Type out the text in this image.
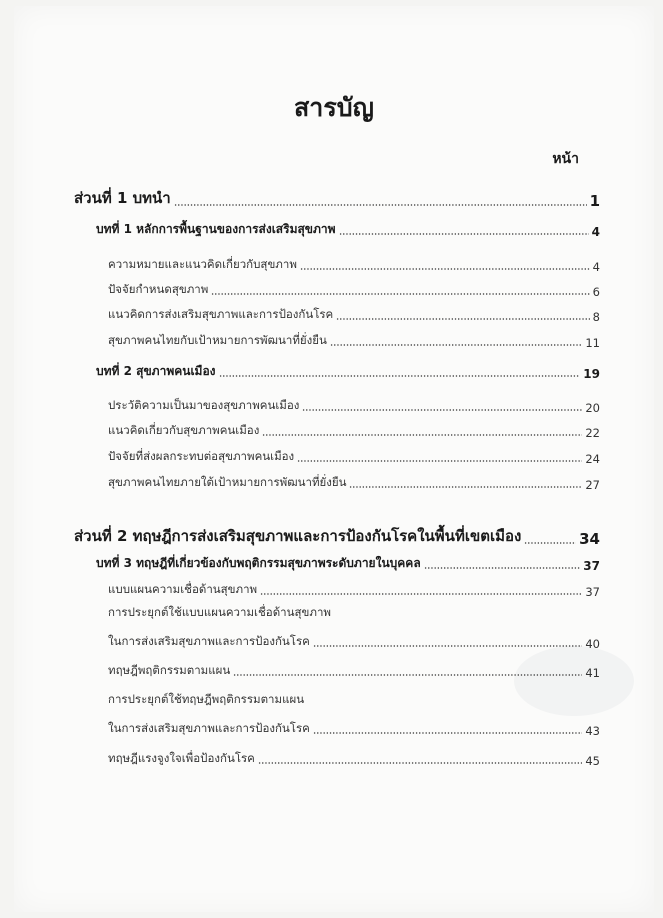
สารบัญ
หน้า
ส่วนที่ 1 บทนำ	1
บทที่ 1 หลักการพื้นฐานของการส่งเสริมสุขภาพ	4
ความหมายและแนวคิดเกี่ยวกับสุขภาพ	4
ปัจจัยกำหนดสุขภาพ	6
แนวคิดการส่งเสริมสุขภาพและการป้องกันโรค	8
สุขภาพคนไทยกับเป้าหมายการพัฒนาที่ยั่งยืน	11
บทที่ 2 สุขภาพคนเมือง	19
ประวัติความเป็นมาของสุขภาพคนเมือง	20
แนวคิดเกี่ยวกับสุขภาพคนเมือง	22
ปัจจัยที่ส่งผลกระทบต่อสุขภาพคนเมือง	24
สุขภาพคนไทยภายใต้เป้าหมายการพัฒนาที่ยั่งยืน	27
ส่วนที่ 2 ทฤษฎีการส่งเสริมสุขภาพและการป้องกันโรคในพื้นที่เขตเมือง	34
บทที่ 3 ทฤษฎีที่เกี่ยวข้องกับพฤติกรรมสุขภาพระดับภายในบุคคล	37
แบบแผนความเชื่อด้านสุขภาพ	37
การประยุกต์ใช้แบบแผนความเชื่อด้านสุขภาพ
ในการส่งเสริมสุขภาพและการป้องกันโรค	40
ทฤษฎีพฤติกรรมตามแผน	41
การประยุกต์ใช้ทฤษฎีพฤติกรรมตามแผน
ในการส่งเสริมสุขภาพและการป้องกันโรค	43
ทฤษฎีแรงจูงใจเพื่อป้องกันโรค	45
